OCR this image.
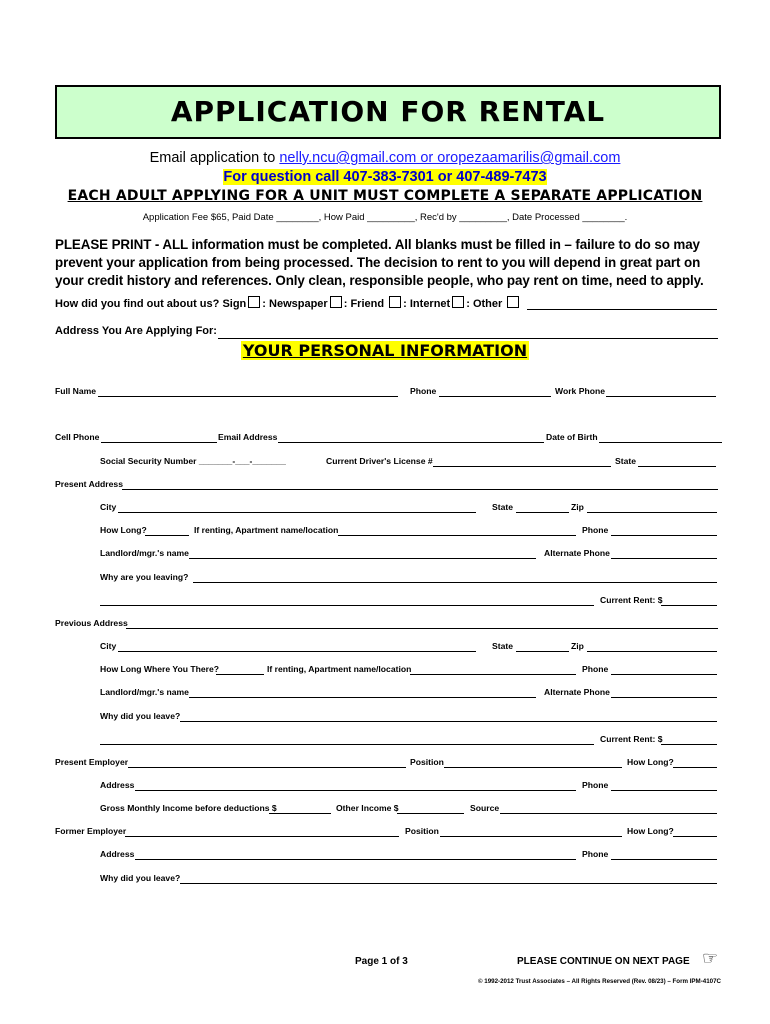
APPLICATION FOR RENTAL
Email application to nelly.ncu@gmail.com or oropezaamarilis@gmail.com
For question call 407-383-7301 or 407-489-7473
EACH ADULT APPLYING FOR A UNIT MUST COMPLETE A SEPARATE APPLICATION
Application Fee $65, Paid Date ________, How Paid _________, Rec'd by _________, Date Processed ________.
PLEASE PRINT - ALL information must be completed. All blanks must be filled in – failure to do so may prevent your application from being processed. The decision to rent to you will depend in great part on your credit history and references. Only clean, responsible people, who pay rent on time, need to apply.
How did you find out about us? Sign : Newspaper : Friend : Internet : Other
Address You Are Applying For:
YOUR PERSONAL INFORMATION
Full Name	Phone	Work Phone
Cell Phone	Email Address	Date of Birth
Social Security Number _______-___-_______	Current Driver's License #	State
Present Address
City	State	Zip
How Long?	If renting, Apartment name/location	Phone
Landlord/mgr.'s name	Alternate Phone
Why are you leaving?
Current Rent: $
Previous Address
City	State	Zip
How Long Where You There?	If renting, Apartment name/location	Phone
Landlord/mgr.'s name	Alternate Phone
Why did you leave?
Current Rent: $
Present Employer	Position	How Long?
Address	Phone
Gross Monthly Income before deductions $	Other Income $	Source
Former Employer	Position	How Long?
Address	Phone
Why did you leave?
Page 1 of 3	PLEASE CONTINUE ON NEXT PAGE ☞
© 1992-2012 Trust Associates – All Rights Reserved (Rev. 08/23) – Form IPM-4107C
